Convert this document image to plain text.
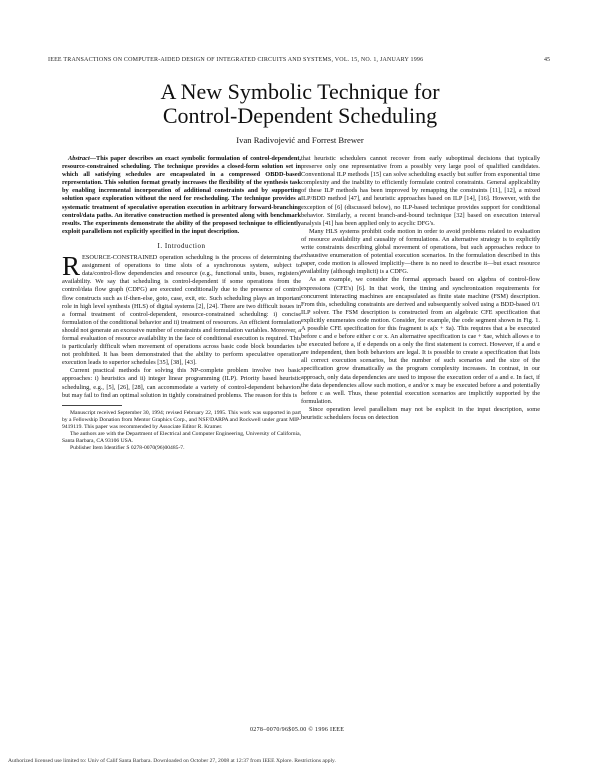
IEEE TRANSACTIONS ON COMPUTER-AIDED DESIGN OF INTEGRATED CIRCUITS AND SYSTEMS, VOL. 15, NO. 1, JANUARY 1996	45
A New Symbolic Technique for
Control-Dependent Scheduling
Ivan Radivojević and Forrest Brewer

Abstract—This paper describes an exact symbolic formulation of control-dependent, resource-constrained scheduling. The technique provides a closed-form solution set in which all satisfying schedules are encapsulated in a compressed OBDD-based representation. This solution format greatly increases the flexibility of the synthesis task by enabling incremental incorporation of additional constraints and by supporting solution space exploration without the need for rescheduling. The technique provides a systematic treatment of speculative operation execution in arbitrary forward-branching control/data paths. An iterative construction method is presented along with benchmark results. The experiments demonstrate the ability of the proposed technique to efficiently exploit parallelism not explicitly specified in the input description.

I. Introduction

RESOURCE-CONSTRAINED operation scheduling is the process of determining the assignment of operations to time slots of a synchronous system, subject to data/control-flow dependencies and resource (e.g., functional units, buses, registers) availability. We say that scheduling is control-dependent if some operations from the control/data flow graph (CDFG) are executed conditionally due to the presence of control flow constructs such as if-then-else, goto, case, exit, etc. Such scheduling plays an important role in high level synthesis (HLS) of digital systems [2], [24]. There are two difficult issues in a formal treatment of control-dependent, resource-constrained scheduling: i) concise formulation of the conditional behavior and ii) treatment of resources. An efficient formulation should not generate an excessive number of constraints and formulation variables. Moreover, a formal evaluation of resource availability in the face of conditional execution is required. This is particularly difficult when movement of operations across basic code block boundaries is not prohibited. It has been demonstrated that the ability to perform speculative operation execution leads to superior schedules [35], [38], [43].

Current practical methods for solving this NP-complete problem involve two basic approaches: i) heuristics and ii) integer linear programming (ILP). Priority based heuristic scheduling, e.g., [5], [26], [28], can accommodate a variety of control-dependent behaviors but may fail to find an optimal solution in tightly constrained problems. The reason for this is

Manuscript received September 30, 1994; revised February 22, 1995. This work was supported in part by a Fellowship Donation from Mentor Graphics Corp., and NSF/DARPA and Rockwell under grant MIP-9419119. This paper was recommended by Associate Editor R. Kramer.

The authors are with the Department of Electrical and Computer Engineering, University of California, Santa Barbara, CA 93106 USA.

Publisher Item Identifier S 0278-0070(96)00485-7.

that heuristic schedulers cannot recover from early suboptimal decisions that typically preserve only one representative from a possibly very large pool of qualified candidates. Conventional ILP methods [15] can solve scheduling exactly but suffer from exponential time complexity and the inability to efficiently formulate control constraints. General applicability of these ILP methods has been improved by remapping the constraints [11], [12], a mixed ILP/BDD method [47], and heuristic approaches based on ILP [14], [16]. However, with the exception of [6] (discussed below), no ILP-based technique provides support for conditional behavior. Similarly, a recent branch-and-bound technique [32] based on execution interval analysis [41] has been applied only to acyclic DFG's.

Many HLS systems prohibit code motion in order to avoid problems related to evaluation of resource availability and causality of formulations. An alternative strategy is to explicitly write constraints describing global movement of operations, but such approaches reduce to exhaustive enumeration of potential execution scenarios. In the formulation described in this paper, code motion is allowed implicitly—there is no need to describe it—but exact resource availability (although implicit) is a CDFG.

As an example, we consider the formal approach based on algebra of control-flow expressions (CFE's) [6]. In that work, the timing and synchronization requirements for concurrent interacting machines are encapsulated as finite state machine (FSM) description. From this, scheduling constraints are derived and subsequently solved using a BDD-based 0/1 ILP solver. The FSM description is constructed from an algebraic CFE specification that explicitly enumerates code motion. Consider, for example, the code segment shown in Fig. 1. A possible CFE specification for this fragment is a(x + x̄a). This requires that a be executed before c and e before either c or x. An alternative specification is cae + x̄ae, which allows e to be executed before a, if e depends on a only the first statement is correct. However, if a and e are independent, then both behaviors are legal. It is possible to create a specification that lists all correct execution scenarios, but the number of such scenarios and the size of the specification grow dramatically as the program complexity increases. In contrast, in our approach, only data dependencies are used to impose the execution order of a and e. In fact, if the data dependencies allow such motion, e and/or x may be executed before a and potentially before c as well. Thus, these potential execution scenarios are implicitly supported by the formulation.

Since operation level parallelism may not be explicit in the input description, some heuristic schedulers focus on detection

0278–0070/96$05.00 © 1996 IEEE
Authorized licensed use limited to: Univ of Calif Santa Barbara. Downloaded on October 27, 2008 at 12:37 from IEEE Xplore. Restrictions apply.
